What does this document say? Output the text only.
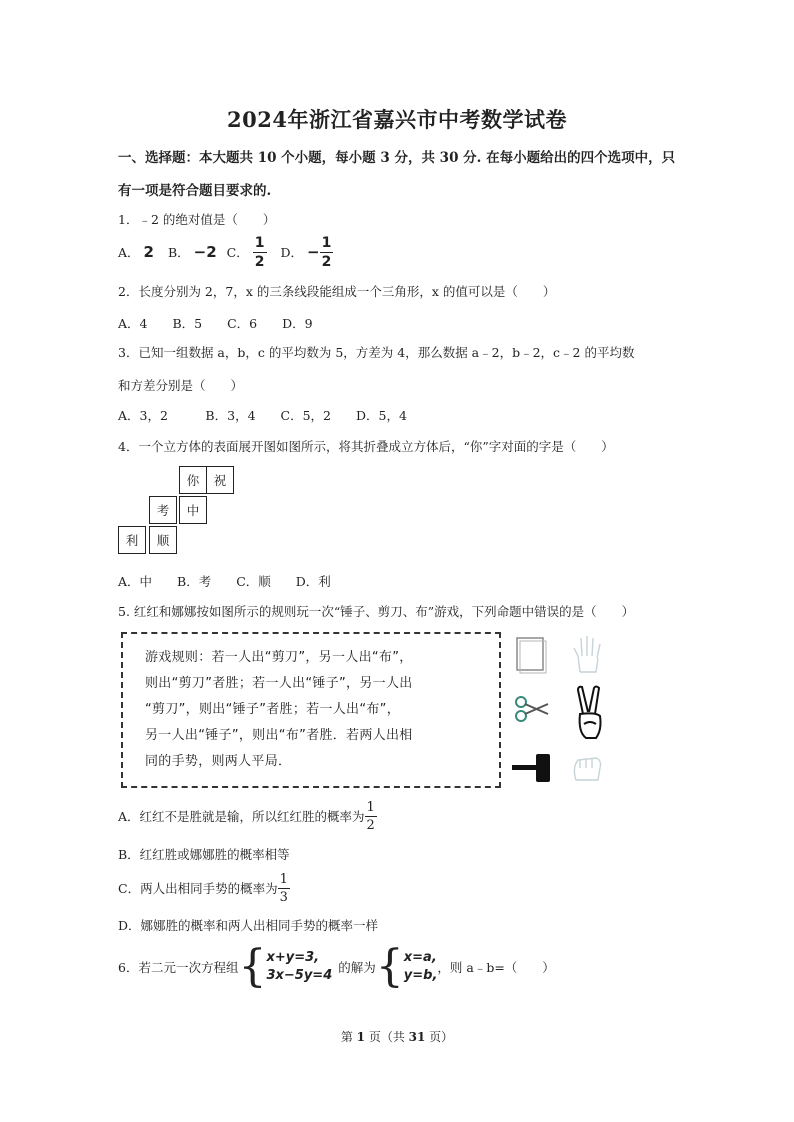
2024年浙江省嘉兴市中考数学试卷
一、选择题：本大题共 10 个小题，每小题 3 分，共 30 分. 在每小题给出的四个选项中，只
有一项是符合题目要求的.
1．﹣2 的绝对值是（　　）
A． 2 B． −2 C． $\frac{1}{2}$ D． − $\frac{1}{2}$
2．长度分别为 2，7，x 的三条线段能组成一个三角形，x 的值可以是（　　）
A．4　　B．5　　C．6　　D．9
3．已知一组数据 a，b，c 的平均数为 5，方差为 4，那么数据 a﹣2，b﹣2，c﹣2 的平均数
和方差分别是（　　）
A．3，2　　　B．3，4　　C．5，2　　D．5，4
4．一个立方体的表面展开图如图所示，将其折叠成立方体后，“你”字对面的字是（　　）
你	祝
考	中
利	顺
A．中　　B．考　　C．顺　　D．利
5. 红红和娜娜按如图所示的规则玩一次“锤子、剪刀、布”游戏，下列命题中错误的是（　　）
游戏规则：若一人出“剪刀”，另一人出“布”，
则出“剪刀”者胜；若一人出“锤子”，另一人出
“剪刀”，则出“锤子”者胜；若一人出“布”，
另一人出“锤子”，则出“布”者胜．若两人出相
同的手势，则两人平局．
A．红红不是胜就是输，所以红红胜的概率为 $\frac{1}{2}$
B．红红胜或娜娜胜的概率相等
C．两人出相同手势的概率为 $\frac{1}{3}$
D．娜娜胜的概率和两人出相同手势的概率一样
6．若二元一次方程组 { x+y=3,
3x−5y=4
的解为 { x=a,
y=b,
，则 a﹣b=（　　）
第 1 页（共 31 页）
